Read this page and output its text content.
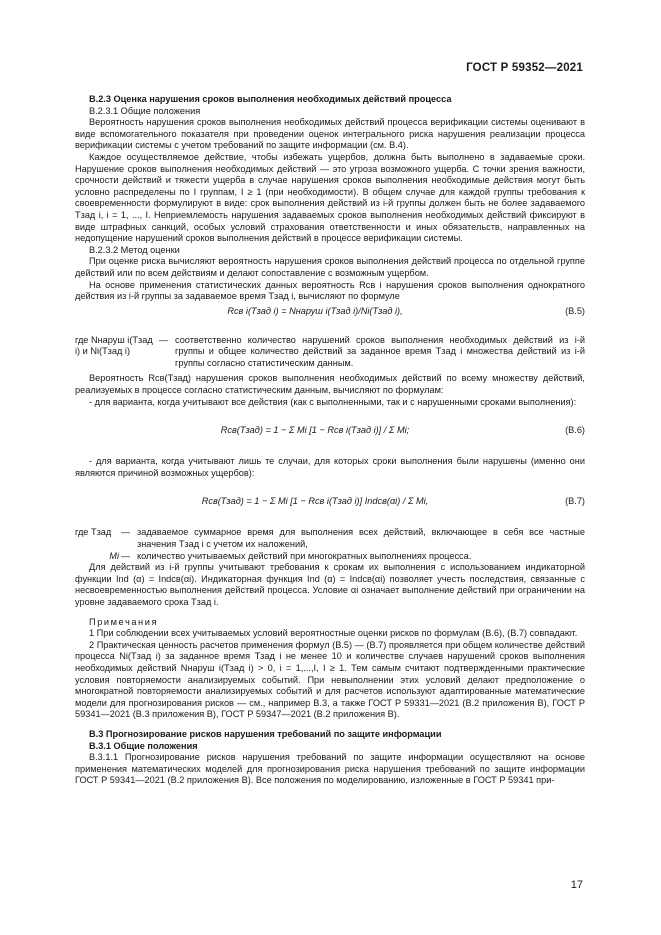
ГОСТ Р 59352—2021

В.2.3 Оценка нарушения сроков выполнения необходимых действий процесса

В.2.3.1 Общие положения

Вероятность нарушения сроков выполнения необходимых действий процесса верификации системы оценивают в виде вспомогательного показателя при проведении оценок интегрального риска нарушения реализации процесса верификации системы с учетом требований по защите информации (см. В.4).

Каждое осуществляемое действие, чтобы избежать ущербов, должна быть выполнено в задаваемые сроки. Нарушение сроков выполнения необходимых действий — это угроза возможного ущерба. С точки зрения важности, срочности действий и тяжести ущерба в случае нарушения сроков выполнения необходимые действия могут быть условно распределены по I группам, I ≥ 1 (при необходимости). В общем случае для каждой группы требования к своевременности формулируют в виде: срок выполнения действий из i-й группы должен быть не более задаваемого Tзад i, i = 1, ..., I. Неприемлемость нарушения задаваемых сроков выполнения необходимых действий фиксируют в виде штрафных санкций, особых условий страхования ответственности и иных обязательств, направленных на недопущение нарушений сроков выполнения действий в процессе верификации системы.

В.2.3.2 Метод оценки

При оценке риска вычисляют вероятность нарушения сроков выполнения действий процесса по отдельной группе действий или по всем действиям и делают сопоставление с возможным ущербом.

На основе применения статистических данных вероятность Rсв i нарушения сроков выполнения однократного действия из i-й группы за задаваемое время Tзад i, вычисляют по формуле

Rсв i(Tзад i) = Nнаруш i(Tзад i)/Ni(Tзад i),	(В.5)
где Nнаруш i(Tзад i) и Ni(Tзад i)
— соответственно количество нарушений сроков выполнения необходимых действий из i-й группы и общее количество действий за заданное время Tзад i множества действий из i-й группы согласно статистическим данным.

Вероятность Rсв(Tзад) нарушения сроков выполнения необходимых действий по всему множеству действий, реализуемых в процессе согласно статистическим данным, вычисляют по формулам:

- для варианта, когда учитывают все действия (как с выполненными, так и с нарушенными сроками выполнения):

Rсв(Tзад) = 1 − Σ Mi [1 − Rсв i(Tзад i)] / Σ Mi;	(В.6)

- для варианта, когда учитывают лишь те случаи, для которых сроки выполнения были нарушены (именно они являются причиной возможных ущербов):

Rсв(Tзад) = 1 − Σ Mi [1 − Rсв i(Tзад i)] Indсв(αi) / Σ Mi,	(В.7)
где Tзад	— задаваемое суммарное время для выполнения всех действий, включающее в себя все частные значения Tзад i с учетом их наложений,
Mi — количество учитываемых действий при многократных выполнениях процесса.

Для действий из i-й группы учитывают требования к срокам их выполнения с использованием индикаторной функции Ind (α) = Indсв(αi). Индикаторная функция Ind (α) = Indсв(αi) позволяет учесть последствия, связанные с несвоевременностью выполнения действий процесса. Условие αi означает выполнение действий при ограничении на уровне задаваемого срока Tзад i.

Примечания

1 При соблюдении всех учитываемых условий вероятностные оценки рисков по формулам (В.6), (В.7) совпадают.

2 Практическая ценность расчетов применения формул (В.5) — (В.7) проявляется при общем количестве действий процесса Ni(Tзад i) за заданное время Tзад i не менее 10 и количестве случаев нарушений сроков выполнения необходимых действий Nнаруш i(Tзад i) > 0, i = 1,...,I, I ≥ 1. Тем самым считают подтвержденными практические условия повторяемости анализируемых событий. При невыполнении этих условий делают предположение о многократной повторяемости анализируемых событий и для расчетов используют адаптированные математические модели для прогнозирования рисков — см., например В.3, а также ГОСТ Р 59331—2021 (В.2 приложения В), ГОСТ Р 59341—2021 (В.3 приложения В), ГОСТ Р 59347—2021 (В.2 приложения В).

В.3 Прогнозирование рисков нарушения требований по защите информации

В.3.1 Общие положения

В.3.1.1 Прогнозирование рисков нарушения требований по защите информации осуществляют на основе применения математических моделей для прогнозирования риска нарушения требований по защите информации ГОСТ Р 59341—2021 (В.2 приложения В). Все положения по моделированию, изложенные в ГОСТ Р 59341 при-

17
